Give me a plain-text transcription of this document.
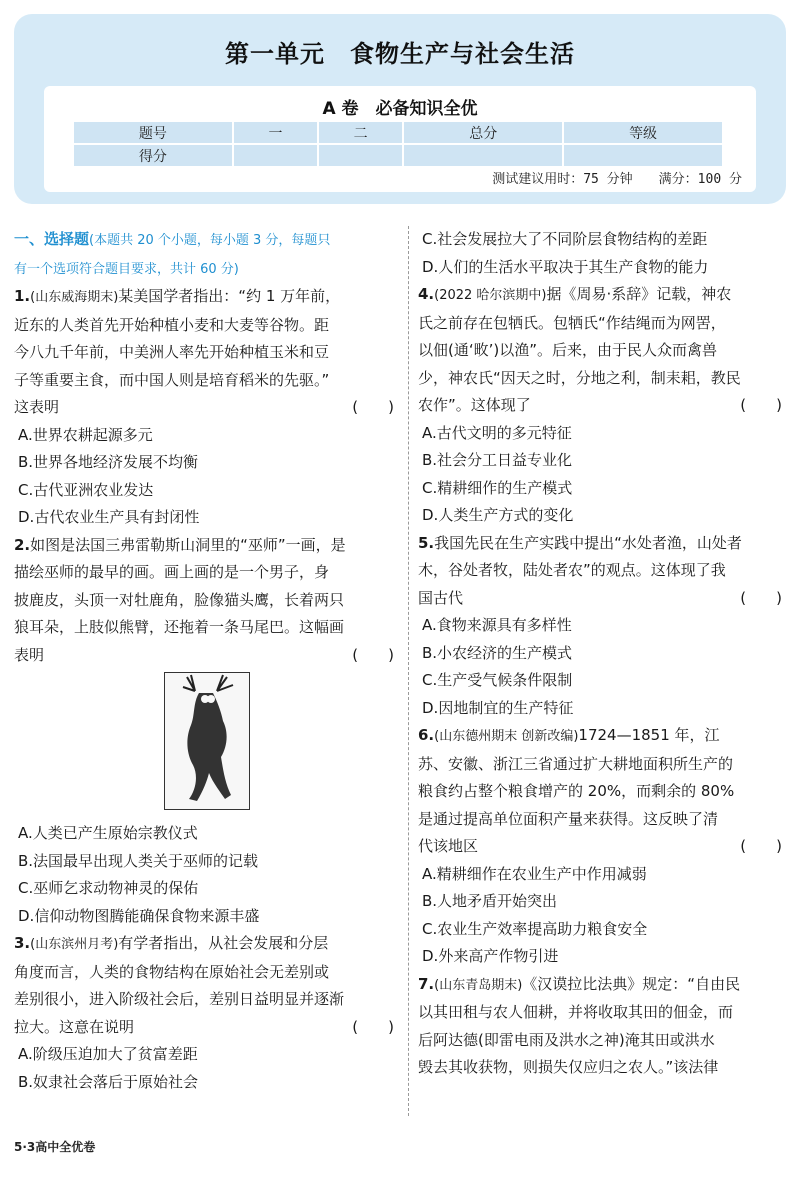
第一单元　食物生产与社会生活
A 卷　必备知识全优
题号	一	二	总分	等级
得分				
测试建议用时：75 分钟　　满分：100 分
一、选择题(本题共 20 个小题，每小题 3 分，每题只
有一个选项符合题目要求，共计 60 分)
1.(山东威海期末)某美国学者指出：“约 1 万年前，
近东的人类首先开始种植小麦和大麦等谷物。距
今八九千年前，中美洲人率先开始种植玉米和豆
子等重要主食，而中国人则是培育稻米的先驱。”
这表明	(　　)
A.世界农耕起源多元
B.世界各地经济发展不均衡
C.古代亚洲农业发达
D.古代农业生产具有封闭性
2.如图是法国三弗雷勒斯山洞里的“巫师”一画，是
描绘巫师的最早的画。画上画的是一个男子，身
披鹿皮，头顶一对牡鹿角，脸像猫头鹰，长着两只
狼耳朵，上肢似熊臂，还拖着一条马尾巴。这幅画
表明	(　　)
A.人类已产生原始宗教仪式
B.法国最早出现人类关于巫师的记载
C.巫师乞求动物神灵的保佑
D.信仰动物图腾能确保食物来源丰盛
3.(山东滨州月考)有学者指出，从社会发展和分层
角度而言，人类的食物结构在原始社会无差别或
差别很小，进入阶级社会后，差别日益明显并逐渐
拉大。这意在说明	(　　)
A.阶级压迫加大了贫富差距
B.奴隶社会落后于原始社会
C.社会发展拉大了不同阶层食物结构的差距
D.人们的生活水平取决于其生产食物的能力
4.(2022 哈尔滨期中)据《周易·系辞》记载，神农
氏之前存在包牺氏。包牺氏“作结绳而为网罟，
以佃(通‘畋’)以渔”。后来，由于民人众而禽兽
少，神农氏“因天之时，分地之利，制耒耜，教民
农作”。这体现了	(　　)
A.古代文明的多元特征
B.社会分工日益专业化
C.精耕细作的生产模式
D.人类生产方式的变化
5.我国先民在生产实践中提出“水处者渔，山处者
木，谷处者牧，陆处者农”的观点。这体现了我
国古代	(　　)
A.食物来源具有多样性
B.小农经济的生产模式
C.生产受气候条件限制
D.因地制宜的生产特征
6.(山东德州期末 创新改编)1724—1851 年，江
苏、安徽、浙江三省通过扩大耕地面积所生产的
粮食约占整个粮食增产的 20%，而剩余的 80%
是通过提高单位面积产量来获得。这反映了清
代该地区	(　　)
A.精耕细作在农业生产中作用减弱
B.人地矛盾开始突出
C.农业生产效率提高助力粮食安全
D.外来高产作物引进
7.(山东青岛期末)《汉谟拉比法典》规定：“自由民
以其田租与农人佃耕，并将收取其田的佃金，而
后阿达德(即雷电雨及洪水之神)淹其田或洪水
毁去其收获物，则损失仅应归之农人。”该法律
5·3高中全优卷
